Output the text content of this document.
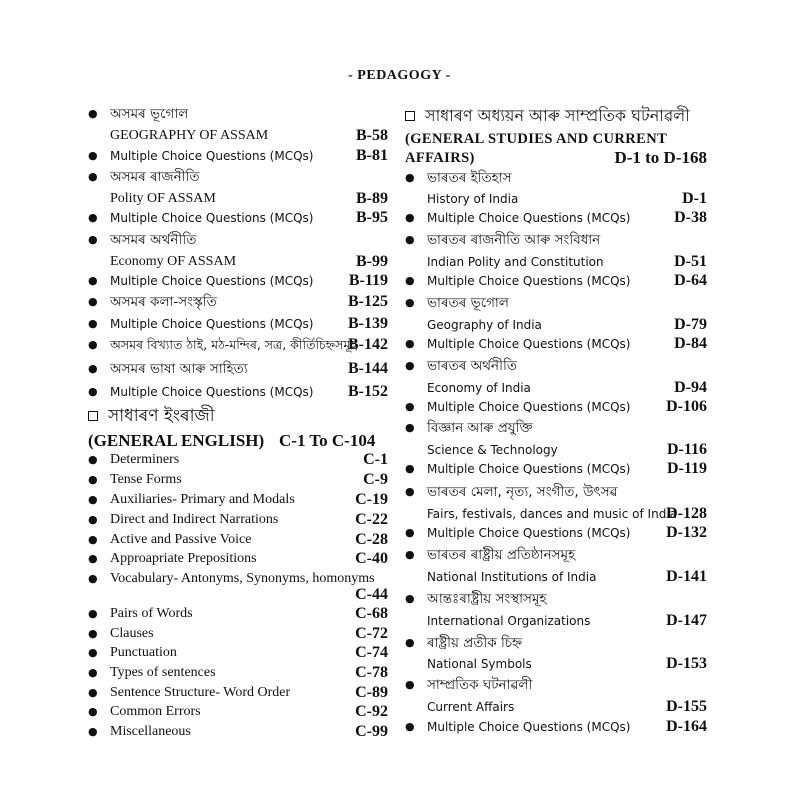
- PEDAGOGY -
● অসমৰ ভূগোল
GEOGRAPHY OF ASSAM	B-58
● Multiple Choice Questions (MCQs)	B-81
● অসমৰ ৰাজনীতি
Polity OF ASSAM	B-89
● Multiple Choice Questions (MCQs)	B-95
● অসমৰ অৰ্থনীতি
Economy OF ASSAM	B-99
● Multiple Choice Questions (MCQs) B-119
● অসমৰ কলা-সংস্কৃতি	B-125
● Multiple Choice Questions (MCQs) B-139
● অসমৰ বিখ্যাত ঠাই, মঠ-মন্দিৰ, সত্ৰ, কীৰ্তিচিহ্নসমূহ
B-142
● অসমৰ ভাষা আৰু সাহিত্য	B-144
● Multiple Choice Questions (MCQs) B-152
সাধাৰণ ইংৰাজী
(GENERAL ENGLISH) C-1 To C-104
● Determiners	C-1
● Tense Forms	C-9
● Auxiliaries- Primary and Modals	C-19
● Direct and Indirect Narrations	C-22
● Active and Passive Voice	C-28
● Approapriate Prepositions	C-40
● Vocabulary- Antonyms, Synonyms, homonyms
C-44
● Pairs of Words	C-68
● Clauses	C-72
● Punctuation	C-74
● Types of sentences	C-78
● Sentence Structure- Word Order	C-89
● Common Errors	C-92
● Miscellaneous	C-99
সাধাৰণ অধ্যয়ন আৰু সাম্প্ৰতিক ঘটনাৱলী
(GENERAL STUDIES AND CURRENT
AFFAIRS)	D-1 to D-168
● ভাৰতৰ ইতিহাস
History of India	D-1
● Multiple Choice Questions (MCQs)	D-38
● ভাৰতৰ ৰাজনীতি আৰু সংবিধান
Indian Polity and Constitution	D-51
● Multiple Choice Questions (MCQs)	D-64
● ভাৰতৰ ভূগোল
Geography of India	D-79
● Multiple Choice Questions (MCQs)	D-84
● ভাৰতৰ অৰ্থনীতি
Economy of India	D-94
● Multiple Choice Questions (MCQs) D-106
● বিজ্ঞান আৰু প্ৰযুক্তি
Science & Technology	D-116
● Multiple Choice Questions (MCQs) D-119
● ভাৰতৰ মেলা, নৃত্য, সংগীত, উৎসৱ
Fairs, festivals, dances and music of India
D-128
● Multiple Choice Questions (MCQs) D-132
● ভাৰতৰ ৰাষ্ট্ৰীয় প্ৰতিষ্ঠানসমূহ
National Institutions of India	D-141
● আন্তঃৰাষ্ট্ৰীয় সংস্থাসমূহ
International Organizations	D-147
● ৰাষ্ট্ৰীয় প্ৰতীক চিহ্ন
National Symbols	D-153
● সাম্প্ৰতিক ঘটনাৱলী
Current Affairs	D-155
● Multiple Choice Questions (MCQs) D-164
